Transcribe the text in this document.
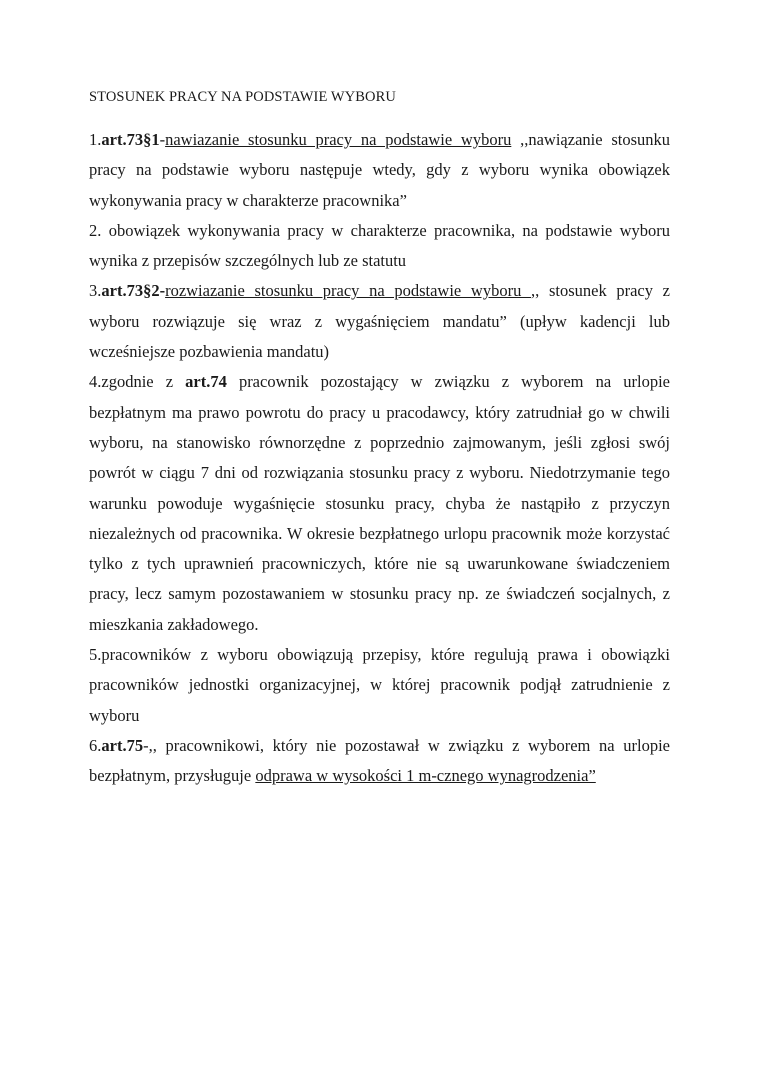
STOSUNEK PRACY NA PODSTAWIE WYBORU

1.art.73§1-nawiazanie stosunku pracy na podstawie wyboru ,,nawiązanie stosunku pracy na podstawie wyboru następuje wtedy, gdy z wyboru wynika obowiązek wykonywania pracy w charakterze pracownika”

2. obowiązek wykonywania pracy w charakterze pracownika, na podstawie wyboru wynika z przepisów szczególnych lub ze statutu

3.art.73§2-rozwiazanie stosunku pracy na podstawie wyboru ,, stosunek pracy z wyboru rozwiązuje się wraz z wygaśnięciem mandatu” (upływ kadencji lub wcześniejsze pozbawienia mandatu)

4.zgodnie z art.74 pracownik pozostający w związku z wyborem na urlopie bezpłatnym ma prawo powrotu do pracy u pracodawcy, który zatrudniał go w chwili wyboru, na stanowisko równorzędne z poprzednio zajmowanym, jeśli zgłosi swój powrót w ciągu 7 dni od rozwiązania stosunku pracy z wyboru. Niedotrzymanie tego warunku powoduje wygaśnięcie stosunku pracy, chyba że nastąpiło z przyczyn niezależnych od pracownika. W okresie bezpłatnego urlopu pracownik może korzystać tylko z tych uprawnień pracowniczych, które nie są uwarunkowane świadczeniem pracy, lecz samym pozostawaniem w stosunku pracy np. ze świadczeń socjalnych, z mieszkania zakładowego.

5.pracowników z wyboru obowiązują przepisy, które regulują prawa i obowiązki pracowników jednostki organizacyjnej, w której pracownik podjął zatrudnienie z wyboru

6.art.75-,, pracownikowi, który nie pozostawał w związku z wyborem na urlopie bezpłatnym, przysługuje odprawa w wysokości 1 m-cznego wynagrodzenia”
